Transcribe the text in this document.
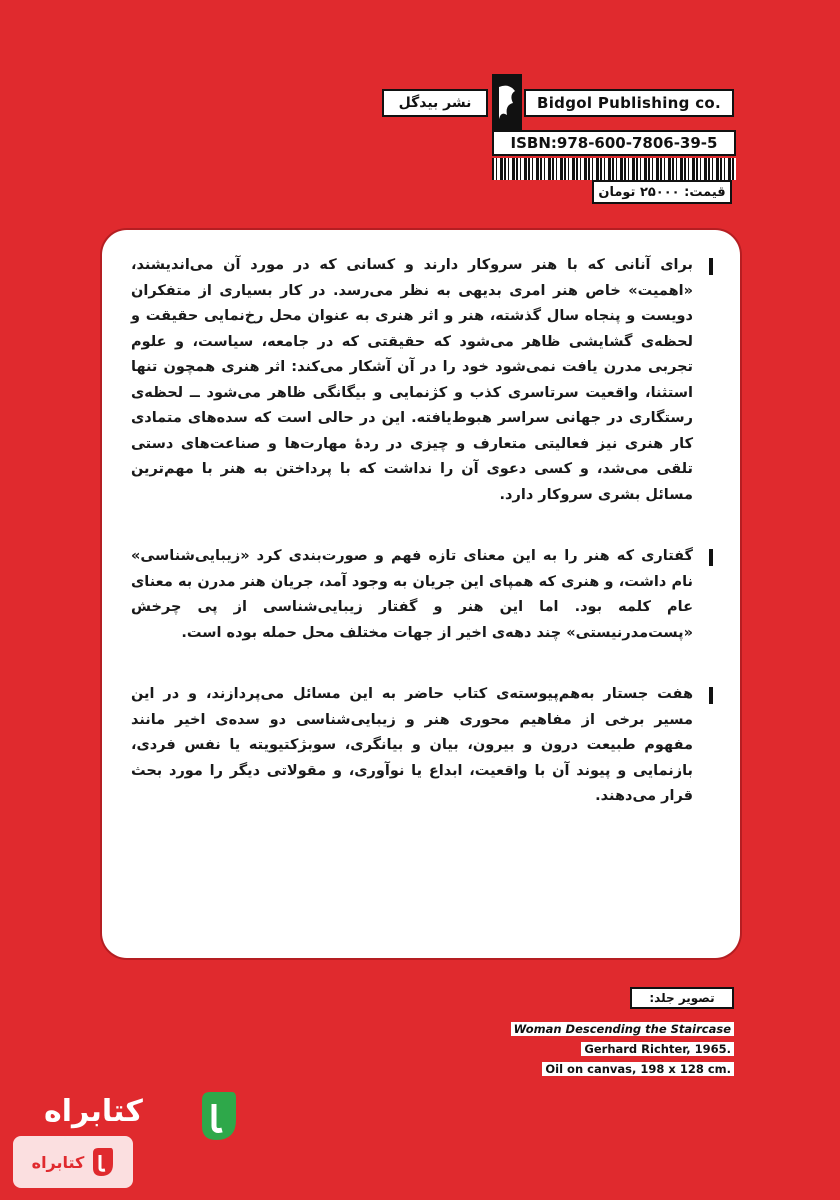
نشر بیدگل	Bidgol Publishing co.
ISBN:978-600-7806-39-5
قیمت: ۲۵۰۰۰ تومان

برای آنانی که با هنر سروکار دارند و کسانی که در مورد آن می‌اندیشند، «اهمیت» خاص هنر امری بدیهی به نظر می‌رسد. در کار بسیاری از متفکران دویست و پنجاه سال گذشته، هنر و اثر هنری به عنوان محل رخ‌نمایی حقیقت و لحظه‌ی گشایشی ظاهر می‌شود که حقیقتی که در جامعه، سیاست، و علوم تجربی مدرن یافت نمی‌شود خود را در آن آشکار می‌کند: اثر هنری همچون تنها استثنا، واقعیت سرتاسری کذب و کژنمایی و بیگانگی ظاهر می‌شود ــ لحظه‌ی رستگاری در جهانی سراسر هبوط‌یافته. این در حالی است که سده‌های متمادی کار هنری نیز فعالیتی متعارف و چیزی در ردهٔ مهارت‌ها و صناعت‌های دستی تلقی می‌شد، و کسی دعوی آن را نداشت که با پرداختن به هنر با مهم‌ترین مسائل بشری سروکار دارد.

گفتاری که هنر را به این معنای تازه فهم و صورت‌بندی کرد «زیبایی‌شناسی» نام داشت، و هنری که همپای این جریان به وجود آمد، جریان هنر مدرن به معنای عام کلمه بود. اما این هنر و گفتار زیبایی‌شناسی از پی چرخش «پست‌مدرنیستی» چند دهه‌ی اخیر از جهات مختلف محل حمله بوده است.

هفت جستار به‌هم‌پیوسته‌ی کتاب حاضر به این مسائل می‌پردازند، و در این مسیر برخی از مفاهیم محوری هنر و زیبایی‌شناسی دو سده‌ی اخیر مانند مفهوم طبیعت درون و بیرون، بیان و بیانگری، سوبژکتیویته یا نفس فردی، بازنمایی و پیوند آن با واقعیت، ابداع یا نوآوری، و مقولاتی دیگر را مورد بحث قرار می‌دهند.

تصویر جلد:
Woman Descending the Staircase
Gerhard Richter, 1965.
Oil on canvas, 198 x 128 cm.
کتابراه
کتابراه
